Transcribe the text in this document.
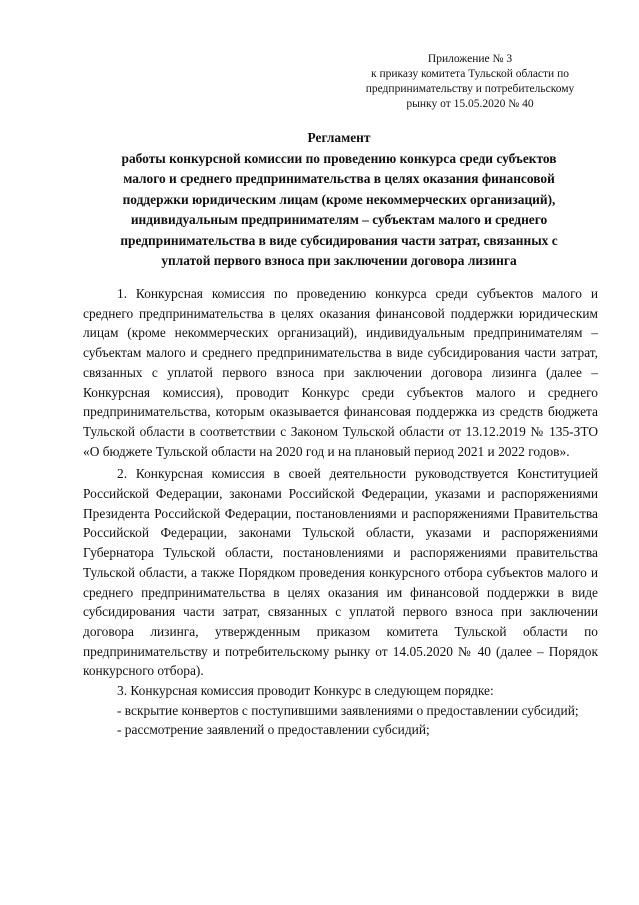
Приложение № 3
к приказу комитета Тульской области по
предпринимательству и потребительскому
рынку от 15.05.2020 № 40
Регламент
работы конкурсной комиссии по проведению конкурса среди субъектов
малого и среднего предпринимательства в целях оказания финансовой
поддержки юридическим лицам (кроме некоммерческих организаций),
индивидуальным предпринимателям – субъектам малого и среднего
предпринимательства в виде субсидирования части затрат, связанных с
уплатой первого взноса при заключении договора лизинга

1. Конкурсная комиссия по проведению конкурса среди субъектов малого и среднего предпринимательства в целях оказания финансовой поддержки юридическим лицам (кроме некоммерческих организаций), индивидуальным предпринимателям – субъектам малого и среднего предпринимательства в виде субсидирования части затрат, связанных с уплатой первого взноса при заключении договора лизинга (далее – Конкурсная комиссия), проводит Конкурс среди субъектов малого и среднего предпринимательства, которым оказывается финансовая поддержка из средств бюджета Тульской области в соответствии с Законом Тульской области от 13.12.2019 № 135-ЗТО «О бюджете Тульской области на 2020 год и на плановый период 2021 и 2022 годов».

2. Конкурсная комиссия в своей деятельности руководствуется Конституцией Российской Федерации, законами Российской Федерации, указами и распоряжениями Президента Российской Федерации, постановлениями и распоряжениями Правительства Российской Федерации, законами Тульской области, указами и распоряжениями Губернатора Тульской области, постановлениями и распоряжениями правительства Тульской области, а также Порядком проведения конкурсного отбора субъектов малого и среднего предпринимательства в целях оказания им финансовой поддержки в виде субсидирования части затрат, связанных с уплатой первого взноса при заключении договора лизинга, утвержденным приказом комитета Тульской области по предпринимательству и потребительскому рынку от 14.05.2020 № 40 (далее – Порядок конкурсного отбора).

3. Конкурсная комиссия проводит Конкурс в следующем порядке:

- вскрытие конвертов с поступившими заявлениями о предоставлении субсидий;

- рассмотрение заявлений о предоставлении субсидий;
